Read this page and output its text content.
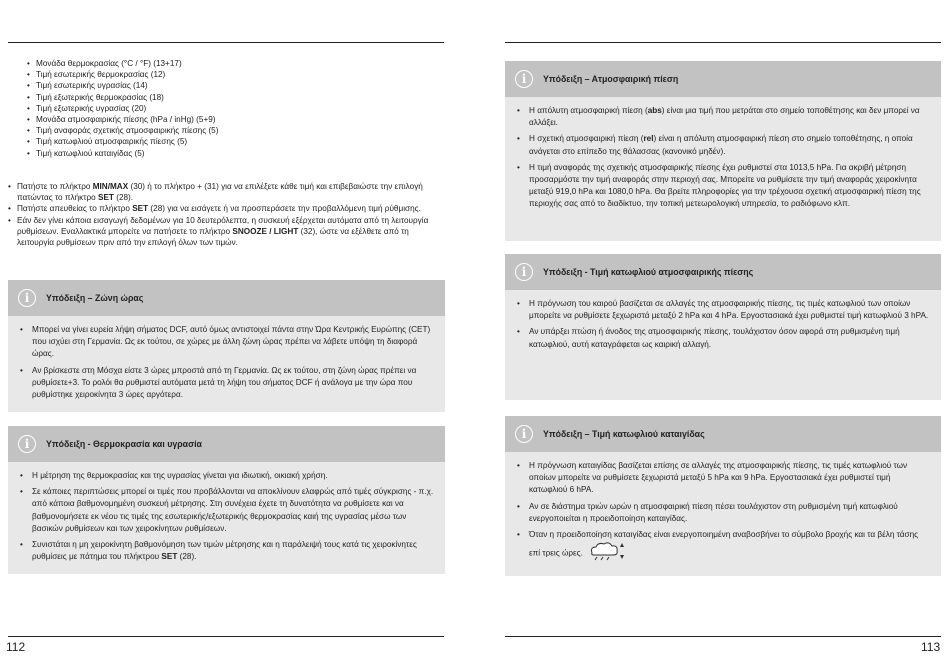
• Μονάδα θερμοκρασίας (°C / °F) (13+17)
• Τιμή εσωτερικής θερμοκρασίας (12)
• Τιμή εσωτερικής υγρασίας (14)
• Τιμή εξωτερικής θερμοκρασίας (18)
• Τιμή εξωτερικής υγρασίας (20)
• Μονάδα ατμοσφαιρικής πίεσης (hPa / inHg) (5+9)
• Τιμή αναφοράς σχετικής ατμοσφαιρικής πίεσης (5)
• Τιμή κατωφλιού ατμοσφαιρικής πίεσης (5)
• Τιμή κατωφλιού καταιγίδας (5)
• Πατήστε το πλήκτρο MIN/MAX (30) ή το πλήκτρο + (31) για να επιλέξετε κάθε τιμή και επιβεβαιώστε την επιλογή πατώντας το πλήκτρο SET (28).
• Πατήστε απευθείας το πλήκτρο SET (28) για να εισάγετε ή να προσπεράσετε την προβαλλόμενη τιμή ρύθμισης.
• Εάν δεν γίνει κάποια εισαγωγή δεδομένων για 10 δευτερόλεπτα, η συσκευή εξέρχεται αυτόματα από τη λειτουργία ρυθμίσεων. Εναλλακτικά μπορείτε να πατήσετε το πλήκτρο SNOOZE / LIGHT (32), ώστε να εξέλθετε από τη λειτουργία ρυθμίσεων πριν από την επιλογή όλων των τιμών.
i	Υπόδειξη – Ζώνη ώρας
• Μπορεί να γίνει ευρεία λήψη σήματος DCF, αυτό όμως αντιστοιχεί πάντα στην Ώρα Κεντρικής Ευρώπης (CET) που ισχύει στη Γερμανία. Ως εκ τούτου, σε χώρες με άλλη ζώνη ώρας πρέπει να λάβετε υπόψη τη διαφορά ώρας.
• Αν βρίσκεστε στη Μόσχα είστε 3 ώρες μπροστά από τη Γερμανία. Ως εκ τούτου, στη ζώνη ώρας πρέπει να ρυθμίσετε+3. Το ρολόι θα ρυθμιστεί αυτόματα μετά τη λήψη του σήματος DCF ή ανάλογα με την ώρα που ρυθμίστηκε χειροκίνητα 3 ώρες αργότερα.
i	Υπόδειξη - Θερμοκρασία και υγρασία
• Η μέτρηση της θερμοκρασίας και της υγρασίας γίνεται για ιδιωτική, οικιακή χρήση.
• Σε κάποιες περιπτώσεις μπορεί οι τιμές που προβάλλονται να αποκλίνουν ελαφρώς από τιμές σύγκρισης - π.χ. από κάποια βαθμονομημένη συσκευή μέτρησης. Στη συνέχεια έχετε τη δυνατότητα να ρυθμίσετε και να βαθμονομήσετε εκ νέου τις τιμές της εσωτερικής/εξωτερικής θερμοκρασίας καιή της υγρασίας μέσω των βασικών ρυθμίσεων και των χειροκίνητων ρυθμίσεων.
• Συνιστάται η μη χειροκίνητη βαθμονόμηση των τιμών μέτρησης και η παράλειψή τους κατά τις χειροκίνητες ρυθμίσεις με πάτημα του πλήκτρου SET (28).
112
i	Υπόδειξη – Ατμοσφαιρική πίεση
• Η απόλυτη ατμοσφαιρική πίεση (abs) είναι μια τιμή που μετράται στο σημείο τοποθέτησης και δεν μπορεί να αλλάξει.
• Η σχετική ατμοσφαιρική πίεση (rel) είναι η απόλυτη ατμοσφαιρική πίεση στο σημείο τοποθέτησης, η οποία ανάγεται στο επίπεδο της θάλασσας (κανονικό μηδέν).
• Η τιμή αναφοράς της σχετικής ατμοσφαιρικής πίεσης έχει ρυθμιστεί στα 1013,5 hPa. Για ακριβή μέτρηση προσαρμόστε την τιμή αναφοράς στην περιοχή σας. Μπορείτε να ρυθμίσετε την τιμή αναφοράς χειροκίνητα μεταξύ 919,0 hPa και 1080,0 hPa. Θα βρείτε πληροφορίες για την τρέχουσα σχετική ατμοσφαιρική πίεση της περιοχής σας από το διαδίκτυο, την τοπική μετεωρολογική υπηρεσία, το ραδιόφωνο κλπ.
i	Υπόδειξη - Τιμή κατωφλιού ατμοσφαιρικής πίεσης
• Η πρόγνωση του καιρού βασίζεται σε αλλαγές της ατμοσφαιρικής πίεσης, τις τιμές κατωφλιού των οποίων μπορείτε να ρυθμίσετε ξεχωριστά μεταξύ 2 hPa και 4 hPa. Εργοστασιακά έχει ρυθμιστεί τιμή κατωφλιού 3 hPA.
• Αν υπάρξει πτώση ή άνοδος της ατμοσφαιρικής πίεσης, τουλάχιστον όσον αφορά στη ρυθμισμένη τιμή κατωφλιού, αυτή καταγράφεται ως καιρική αλλαγή.
i	Υπόδειξη – Τιμή κατωφλιού καταιγίδας
• Η πρόγνωση καταιγίδας βασίζεται επίσης σε αλλαγές της ατμοσφαιρικής πίεσης, τις τιμές κατωφλιού των οποίων μπορείτε να ρυθμίσετε ξεχωριστά μεταξύ 5 hPa και 9 hPa. Εργοστασιακά έχει ρυθμιστεί τιμή κατωφλιού 6 hPA.
• Αν σε διάστημα τριών ωρών η ατμοσφαιρική πίεση πέσει τουλάχιστον στη ρυθμισμένη τιμή κατωφλιού ενεργοποιείται η προειδοποίηση καταιγίδας.
• Όταν η προειδοποίηση καταιγίδας είναι ενεργοποιημένη αναβοσβήνει το σύμβολο βροχής και τα βέλη τάσης επί τρεις ώρες.
113
